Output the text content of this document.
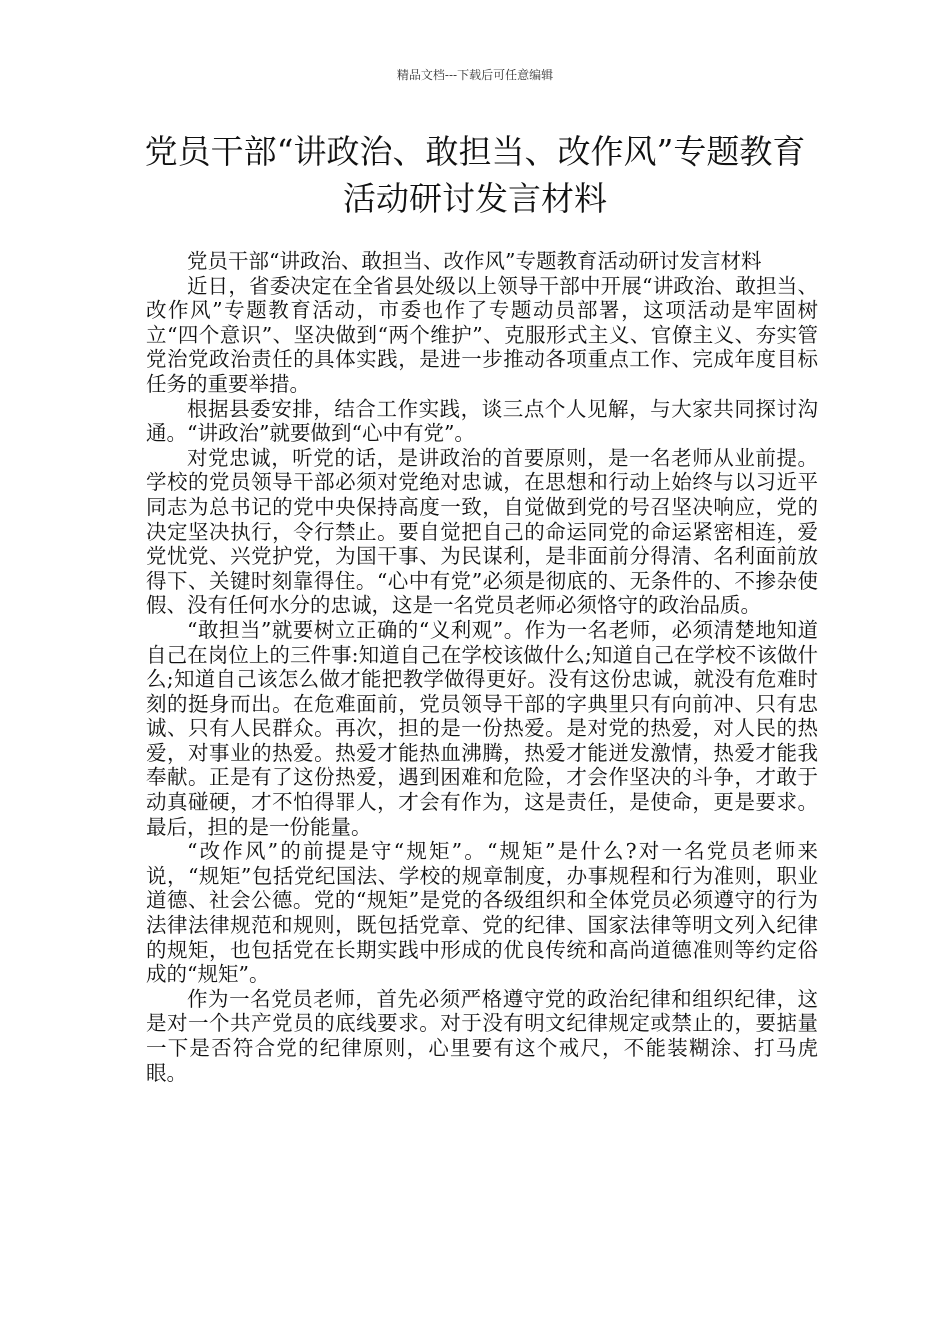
精品文档---下载后可任意编辑
党员干部“讲政治、敢担当、改作风”专题教育活动研讨发言材料

党员干部“讲政治、敢担当、改作风”专题教育活动研讨发言材料

近日，省委决定在全省县处级以上领导干部中开展“讲政治、敢担当、改作风”专题教育活动，市委也作了专题动员部署，这项活动是牢固树立“四个意识”、坚决做到“两个维护”、克服形式主义、官僚主义、夯实管党治党政治责任的具体实践，是进一步推动各项重点工作、完成年度目标任务的重要举措。

根据县委安排，结合工作实践，谈三点个人见解，与大家共同探讨沟通。“讲政治”就要做到“心中有党”。

对党忠诚，听党的话，是讲政治的首要原则，是一名老师从业前提。学校的党员领导干部必须对党绝对忠诚，在思想和行动上始终与以习近平同志为总书记的党中央保持高度一致，自觉做到党的号召坚决响应，党的决定坚决执行，令行禁止。要自觉把自己的命运同党的命运紧密相连，爱党忧党、兴党护党，为国干事、为民谋利，是非面前分得清、名利面前放得下、关键时刻靠得住。“心中有党”必须是彻底的、无条件的、不掺杂使假、没有任何水分的忠诚，这是一名党员老师必须恪守的政治品质。

“敢担当”就要树立正确的“义利观”。作为一名老师，必须清楚地知道自己在岗位上的三件事:知道自己在学校该做什么;知道自己在学校不该做什么;知道自己该怎么做才能把教学做得更好。没有这份忠诚，就没有危难时刻的挺身而出。在危难面前，党员领导干部的字典里只有向前冲、只有忠诚、只有人民群众。再次，担的是一份热爱。是对党的热爱，对人民的热爱，对事业的热爱。热爱才能热血沸腾，热爱才能迸发激情，热爱才能我奉献。正是有了这份热爱，遇到困难和危险，才会作坚决的斗争，才敢于动真碰硬，才不怕得罪人，才会有作为，这是责任，是使命，更是要求。最后，担的是一份能量。

“改作风”的前提是守“规矩”。“规矩”是什么?对一名党员老师来说，“规矩”包括党纪国法、学校的规章制度，办事规程和行为准则，职业道德、社会公德。党的“规矩”是党的各级组织和全体党员必须遵守的行为法律法律规范和规则，既包括党章、党的纪律、国家法律等明文列入纪律的规矩，也包括党在长期实践中形成的优良传统和高尚道德准则等约定俗成的“规矩”。

作为一名党员老师，首先必须严格遵守党的政治纪律和组织纪律，这是对一个共产党员的底线要求。对于没有明文纪律规定或禁止的，要掂量一下是否符合党的纪律原则，心里要有这个戒尺，不能装糊涂、打马虎眼。
